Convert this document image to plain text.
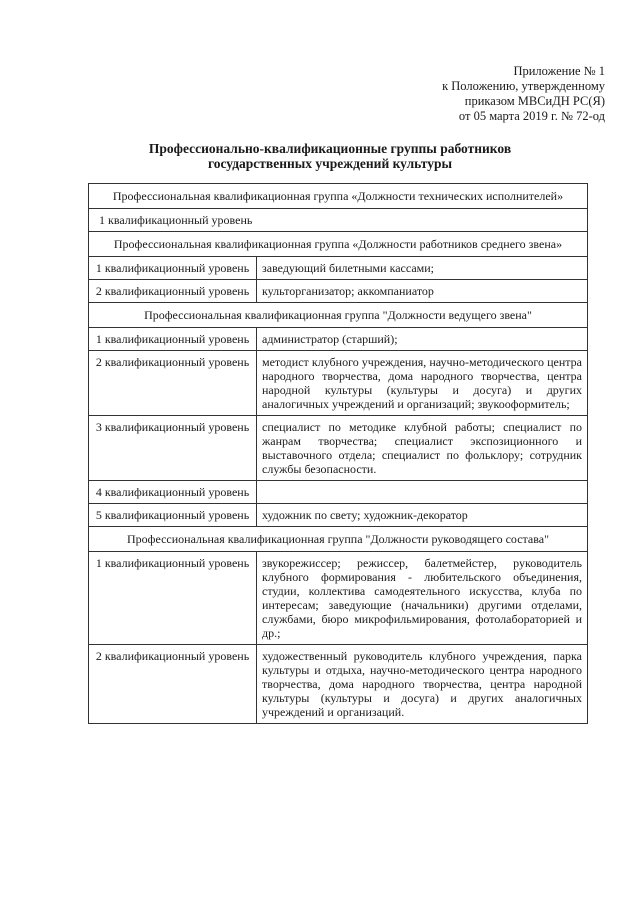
Приложение № 1
к Положению, утвержденному
приказом МВСиДН РС(Я)
от 05 марта 2019 г. № 72-од
Профессионально-квалификационные группы работников
государственных учреждений культуры
Профессиональная квалификационная группа «Должности технических исполнителей»	
1 квалификационный уровень	
Профессиональная квалификационная группа «Должности работников среднего звена»	
1 квалификационный уровень	заведующий билетными кассами;
2 квалификационный уровень	культорганизатор; аккомпаниатор
Профессиональная квалификационная группа "Должности ведущего звена"	
1 квалификационный уровень	администратор (старший);
2 квалификационный уровень	методист клубного учреждения, научно-методического центра народного творчества, дома народного творчества, центра народной культуры (культуры и досуга) и других аналогичных учреждений и организаций; звукооформитель;
3 квалификационный уровень	специалист по методике клубной работы; специалист по жанрам творчества; специалист экспозиционного и выставочного отдела; специалист по фольклору; сотрудник службы безопасности.
4 квалификационный уровень	
5 квалификационный уровень	художник по свету; художник-декоратор
Профессиональная квалификационная группа "Должности руководящего состава"	
1 квалификационный уровень	звукорежиссер; режиссер, балетмейстер, руководитель клубного формирования - любительского объединения, студии, коллектива самодеятельного искусства, клуба по интересам; заведующие (начальники) другими отделами, службами, бюро микрофильмирования, фотолабораторией и др.;
2 квалификационный уровень	художественный руководитель клубного учреждения, парка культуры и отдыха, научно-методического центра народного творчества, дома народного творчества, центра народной культуры (культуры и досуга) и других аналогичных учреждений и организаций.
